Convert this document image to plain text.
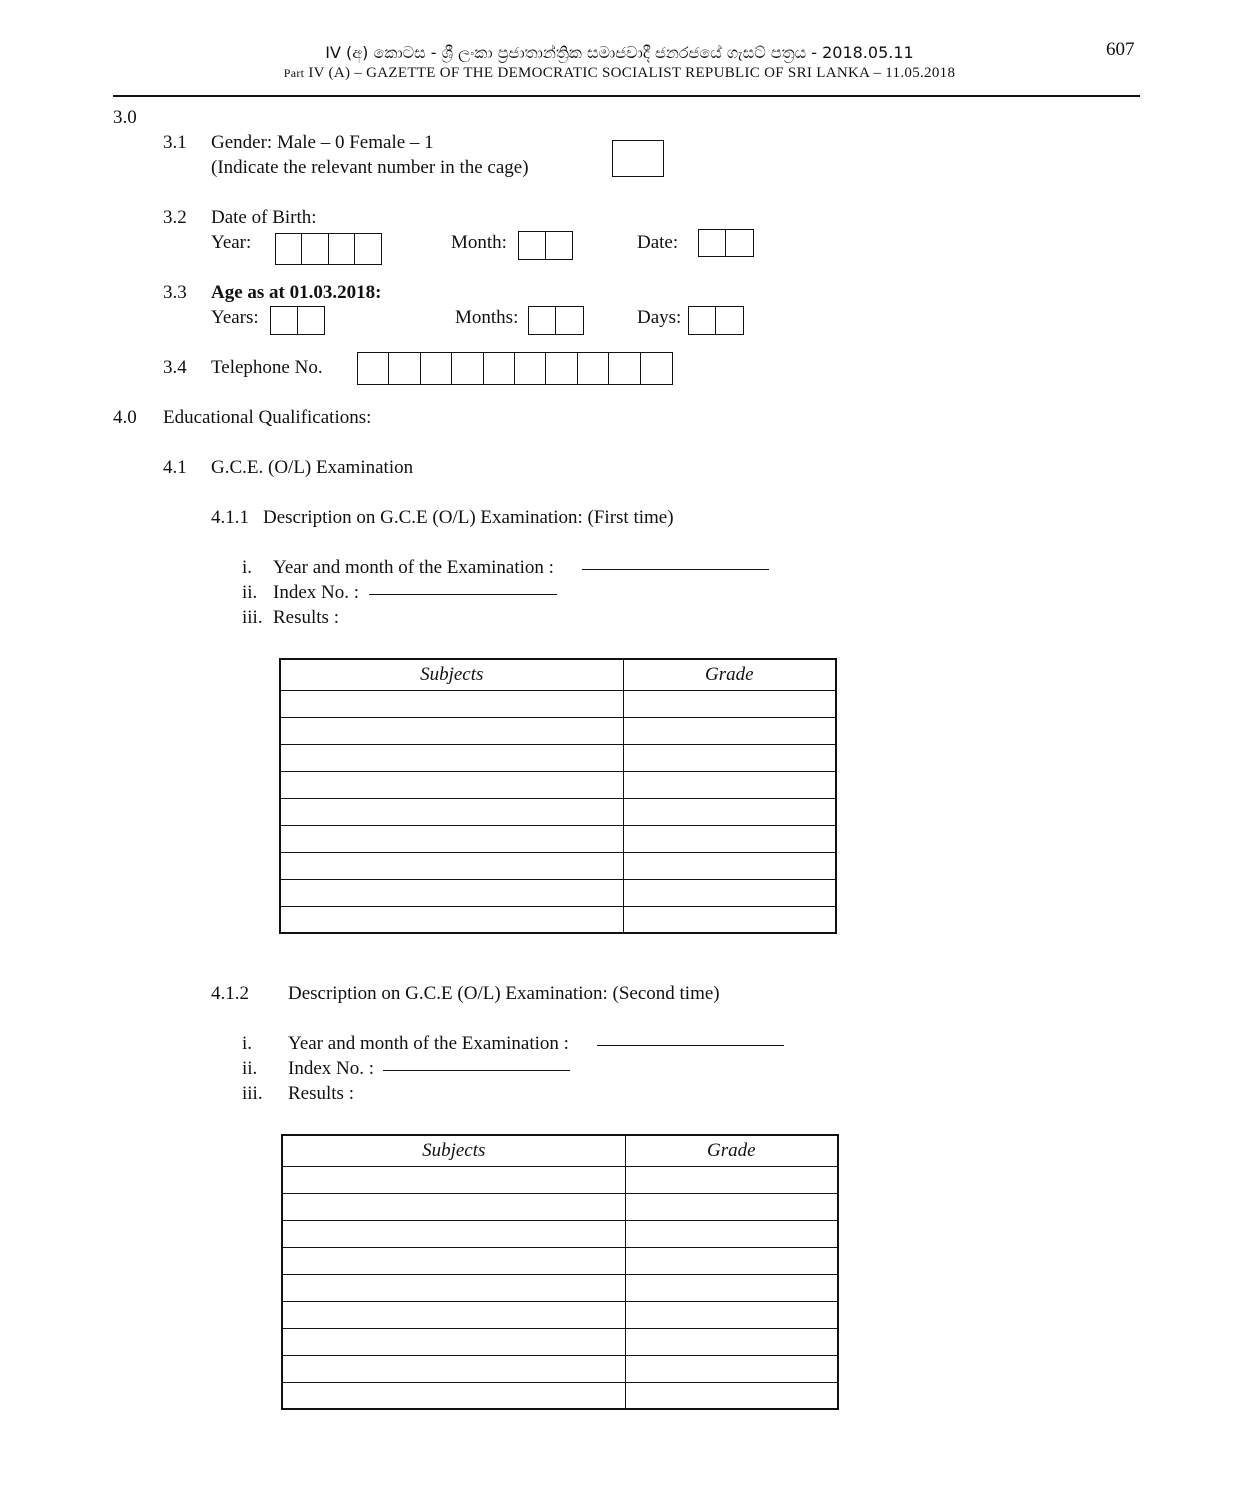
IV (අ) කොටස - ශ්‍රී ලංකා ප්‍රජාතාන්ත්‍රික සමාජවාදී ජනරජයේ ගැසට් පත්‍රය - 2018.05.11
Part IV (A) – GAZETTE OF THE DEMOCRATIC SOCIALIST REPUBLIC OF SRI LANKA – 11.05.2018
607
3.0
3.1 Gender: Male – 0 Female – 1
(Indicate the relevant number in the cage)
3.2 Date of Birth:
Year:	Month:	Date:
3.3 Age as at 01.03.2018:
Years:	Months:	Days:
3.4 Telephone No.
4.0 Educational Qualifications:
4.1 G.C.E. (O/L) Examination
4.1.1 Description on G.C.E (O/L) Examination: (First time)
i. Year and month of the Examination :
ii. Index No. :
iii. Results :
Subjects	Grade

4.1.2 Description on G.C.E (O/L) Examination: (Second time)
i. Year and month of the Examination :
ii. Index No. :
iii. Results :
Subjects	Grade
